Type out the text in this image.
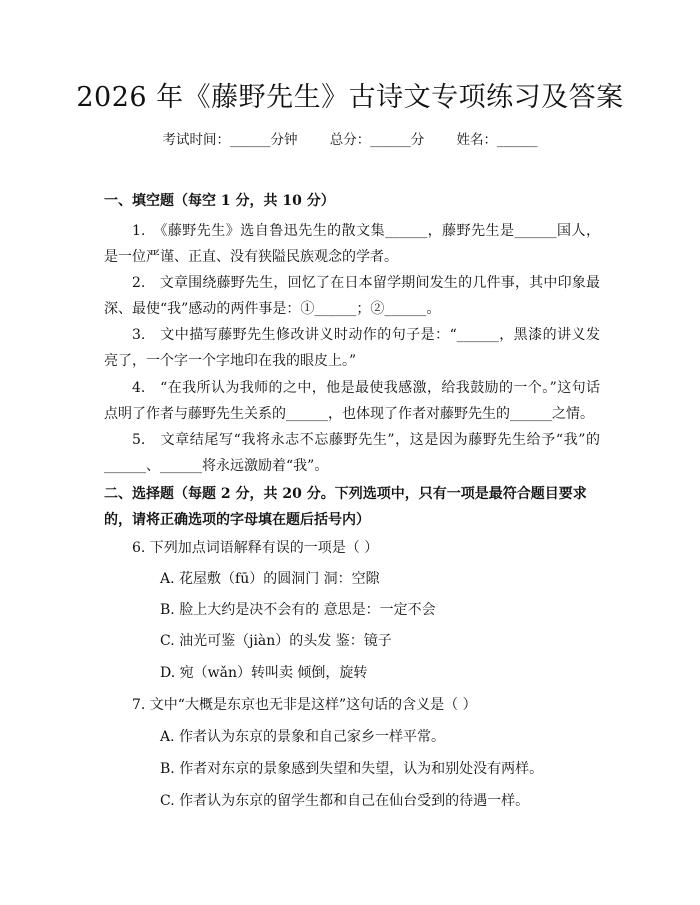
2026 年《藤野先生》古诗文专项练习及答案
考试时间：______分钟 总分：______分 姓名：______
一、填空题（每空 1 分，共 10 分）

1.　《藤野先生》选自鲁迅先生的散文集______，藤野先生是______国人，是一位严谨、正直、没有狭隘民族观念的学者。

2.　文章围绕藤野先生，回忆了在日本留学期间发生的几件事，其中印象最深、最使“我”感动的两件事是：①______；②______。

3.　文中描写藤野先生修改讲义时动作的句子是：“______，黑漆的讲义发亮了，一个字一个字地印在我的眼皮上。”

4.　“在我所认为我师的之中，他是最使我感激，给我鼓励的一个。”这句话点明了作者与藤野先生关系的______，也体现了作者对藤野先生的______之情。

5.　文章结尾写“我将永志不忘藤野先生”，这是因为藤野先生给予“我”的______、______将永远激励着“我”。

二、选择题（每题 2 分，共 20 分。下列选项中，只有一项是最符合题目要求的，请将正确选项的字母填在题后括号内）
6. 下列加点词语解释有误的一项是（ ）
A. 花屋敷（fū）的圆洞门 洞：空隙
B. 脸上大约是决不会有的 意思是：一定不会
C. 油光可鉴（jiàn）的头发 鉴：镜子
D. 宛（wǎn）转叫卖 倾倒，旋转
7. 文中“大概是东京也无非是这样”这句话的含义是（ ）
A. 作者认为东京的景象和自己家乡一样平常。
B. 作者对东京的景象感到失望和失望，认为和别处没有两样。
C. 作者认为东京的留学生都和自己在仙台受到的待遇一样。
